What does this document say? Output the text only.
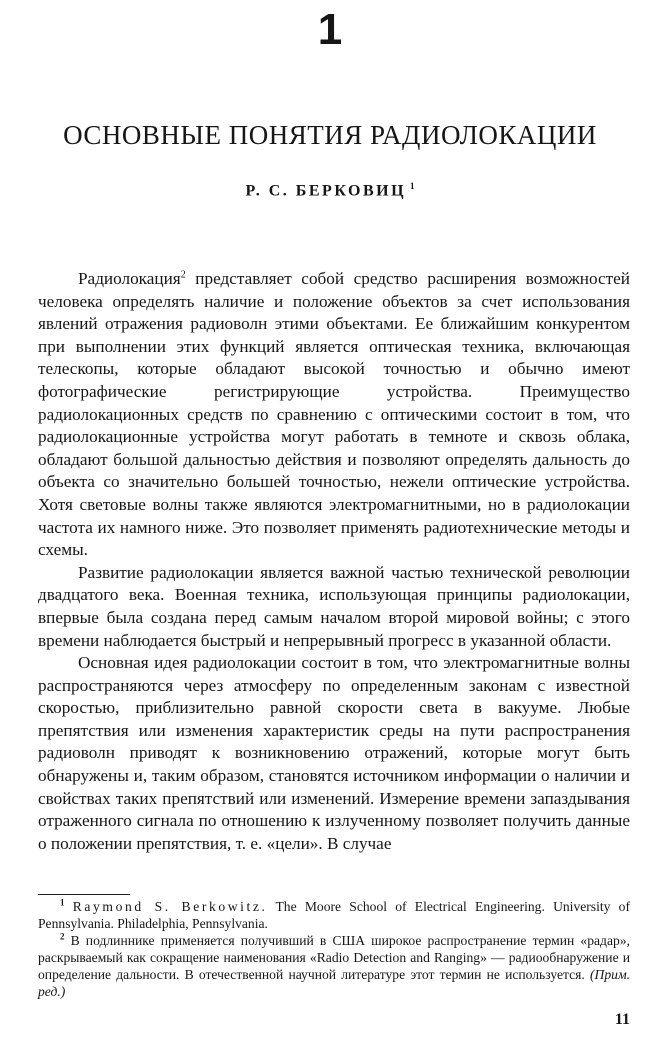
1
ОСНОВНЫЕ ПОНЯТИЯ РАДИОЛОКАЦИИ
Р. С. БЕРКОВИЦ $^1$

Радиолокация$^2$ представляет собой средство расширения возможностей человека определять наличие и положение объектов за счет использования явлений отражения радиоволн этими объектами. Ее ближайшим конкурентом при выполнении этих функций является оптическая техника, включающая телескопы, которые обладают высокой точностью и обычно имеют фотографические регистрирующие устройства. Преимущество радиолокационных средств по сравнению с оптическими состоит в том, что радиолокационные устройства могут работать в темноте и сквозь облака, обладают большой дальностью действия и позволяют определять дальность до объекта со значительно большей точностью, нежели оптические устройства. Хотя световые волны также являются электромагнитными, но в радиолокации частота их намного ниже. Это позволяет применять радиотехнические методы и схемы.

Развитие радиолокации является важной частью технической революции двадцатого века. Военная техника, использующая принципы радиолокации, впервые была создана перед самым началом второй мировой войны; с этого времени наблюдается быстрый и непрерывный прогресс в указанной области.

Основная идея радиолокации состоит в том, что электромагнитные волны распространяются через атмосферу по определенным законам с известной скоростью, приблизительно равной скорости света в вакууме. Любые препятствия или изменения характеристик среды на пути распространения радиоволн приводят к возникновению отражений, которые могут быть обнаружены и, таким образом, становятся источником информации о наличии и свойствах таких препятствий или изменений. Измерение времени запаздывания отраженного сигнала по отношению к излученному позволяет получить данные о положении препятствия, т. е. «цели». В случае

$^1$ Raymond S. Berkowitz. The Moore School of Electrical Engineering. University of Pennsylvania. Philadelphia, Pennsylvania.

$^2$ В подлиннике применяется получивший в США широкое распространение термин «радар», раскрываемый как сокращение наименования «Radio Detection and Ranging» — радиообнаружение и определение дальности. В отечественной научной литературе этот термин не используется. (Прим. ред.)

11
